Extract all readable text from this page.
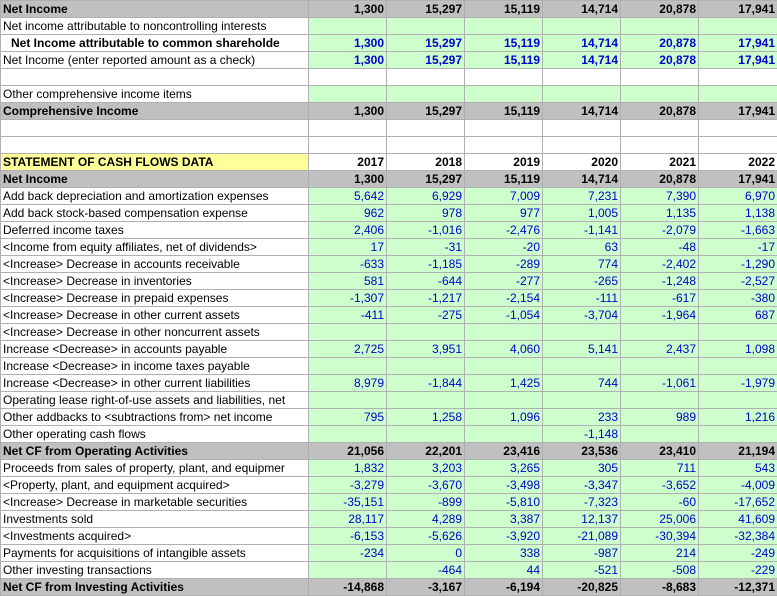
Net Income	1,300	15,297	15,119	14,714	20,878	17,941
Net income attributable to noncontrolling interests						
Net Income attributable to common shareholde	1,300	15,297	15,119	14,714	20,878	17,941
Net Income (enter reported amount as a check)	1,300	15,297	15,119	14,714	20,878	17,941

Other comprehensive income items						
Comprehensive Income	1,300	15,297	15,119	14,714	20,878	17,941

STATEMENT OF CASH FLOWS DATA	2017	2018	2019	2020	2021	2022
Net Income	1,300	15,297	15,119	14,714	20,878	17,941
Add back depreciation and amortization expenses	5,642	6,929	7,009	7,231	7,390	6,970
Add back stock-based compensation expense	962	978	977	1,005	1,135	1,138
Deferred income taxes	2,406	-1,016	-2,476	-1,141	-2,079	-1,663
<Income from equity affiliates, net of dividends>	17	-31	-20	63	-48	-17
<Increase> Decrease in accounts receivable	-633	-1,185	-289	774	-2,402	-1,290
<Increase> Decrease in inventories	581	-644	-277	-265	-1,248	-2,527
<Increase> Decrease in prepaid expenses	-1,307	-1,217	-2,154	-111	-617	-380
<Increase> Decrease in other current assets	-411	-275	-1,054	-3,704	-1,964	687
<Increase> Decrease in other noncurrent assets						
Increase <Decrease> in accounts payable	2,725	3,951	4,060	5,141	2,437	1,098
Increase <Decrease> in income taxes payable						
Increase <Decrease> in other current liabilities	8,979	-1,844	1,425	744	-1,061	-1,979
Operating lease right-of-use assets and liabilities, net						
Other addbacks to <subtractions from> net income	795	1,258	1,096	233	989	1,216
Other operating cash flows				-1,148		
Net CF from Operating Activities	21,056	22,201	23,416	23,536	23,410	21,194
Proceeds from sales of property, plant, and equipmer	1,832	3,203	3,265	305	711	543
<Property, plant, and equipment acquired>	-3,279	-3,670	-3,498	-3,347	-3,652	-4,009
<Increase> Decrease in marketable securities	-35,151	-899	-5,810	-7,323	-60	-17,652
Investments sold	28,117	4,289	3,387	12,137	25,006	41,609
<Investments acquired>	-6,153	-5,626	-3,920	-21,089	-30,394	-32,384
Payments for acquisitions of intangible assets	-234	0	338	-987	214	-249
Other investing transactions		-464	44	-521	-508	-229
Net CF from Investing Activities	-14,868	-3,167	-6,194	-20,825	-8,683	-12,371
